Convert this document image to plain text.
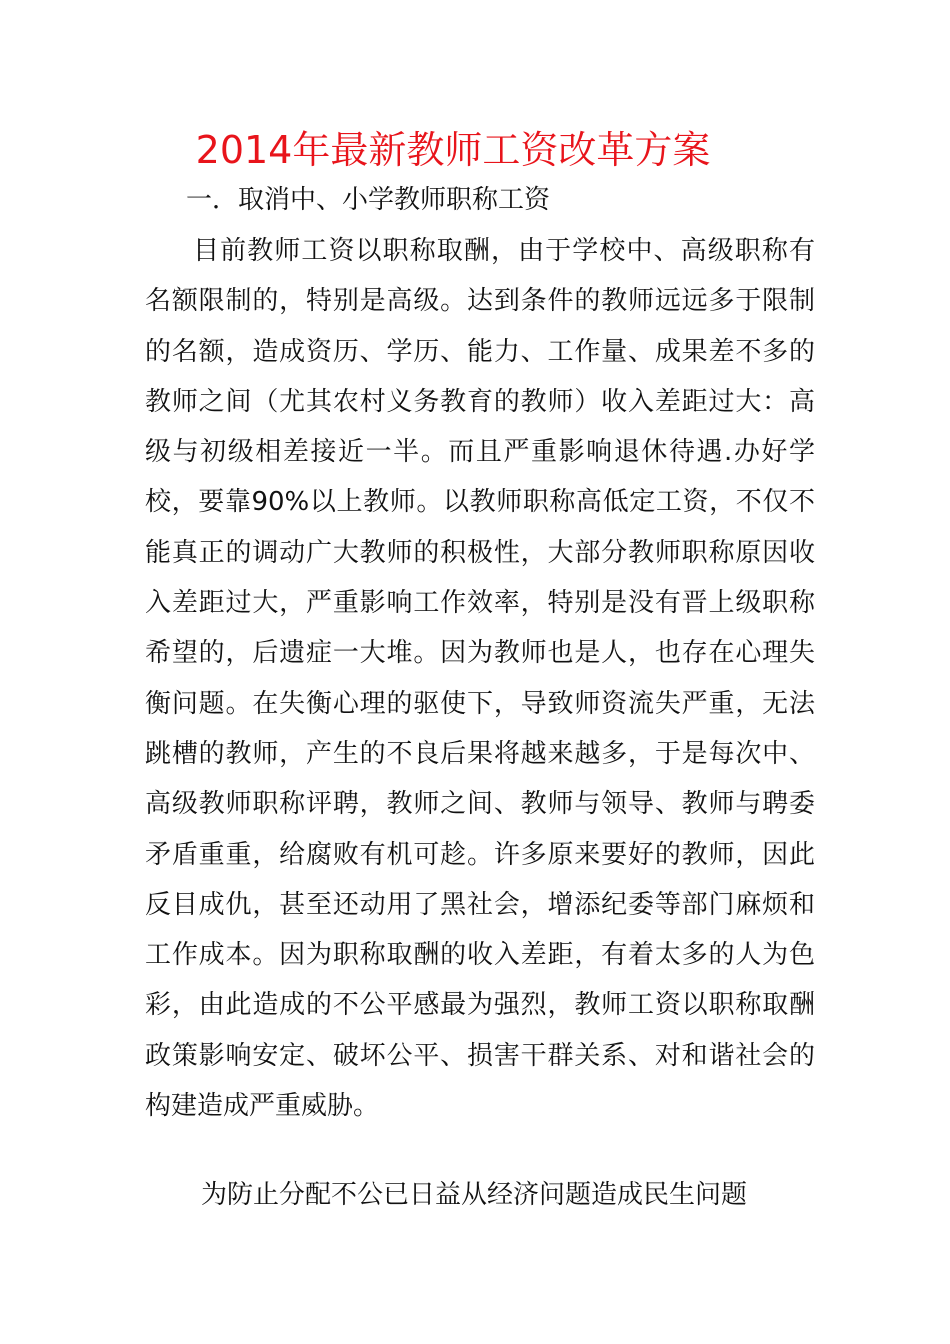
2014年最新教师工资改革方案
一．取消中、小学教师职称工资

目前教师工资以职称取酬，由于学校中、高级职称有名额限制的，特别是高级。达到条件的教师远远多于限制的名额，造成资历、学历、能力、工作量、成果差不多的教师之间（尤其农村义务教育的教师）收入差距过大：高级与初级相差接近一半。而且严重影响退休待遇.办好学校，要靠90%以上教师。以教师职称高低定工资，不仅不能真正的调动广大教师的积极性，大部分教师职称原因收入差距过大，严重影响工作效率，特别是没有晋上级职称希望的，后遗症一大堆。因为教师也是人，也存在心理失衡问题。在失衡心理的驱使下，导致师资流失严重，无法跳槽的教师，产生的不良后果将越来越多，于是每次中、高级教师职称评聘，教师之间、教师与领导、教师与聘委矛盾重重，给腐败有机可趁。许多原来要好的教师，因此反目成仇，甚至还动用了黑社会，增添纪委等部门麻烦和工作成本。因为职称取酬的收入差距，有着太多的人为色彩，由此造成的不公平感最为强烈，教师工资以职称取酬政策影响安定、破坏公平、损害干群关系、对和谐社会的构建造成严重威胁。

为防止分配不公已日益从经济问题造成民生问题
